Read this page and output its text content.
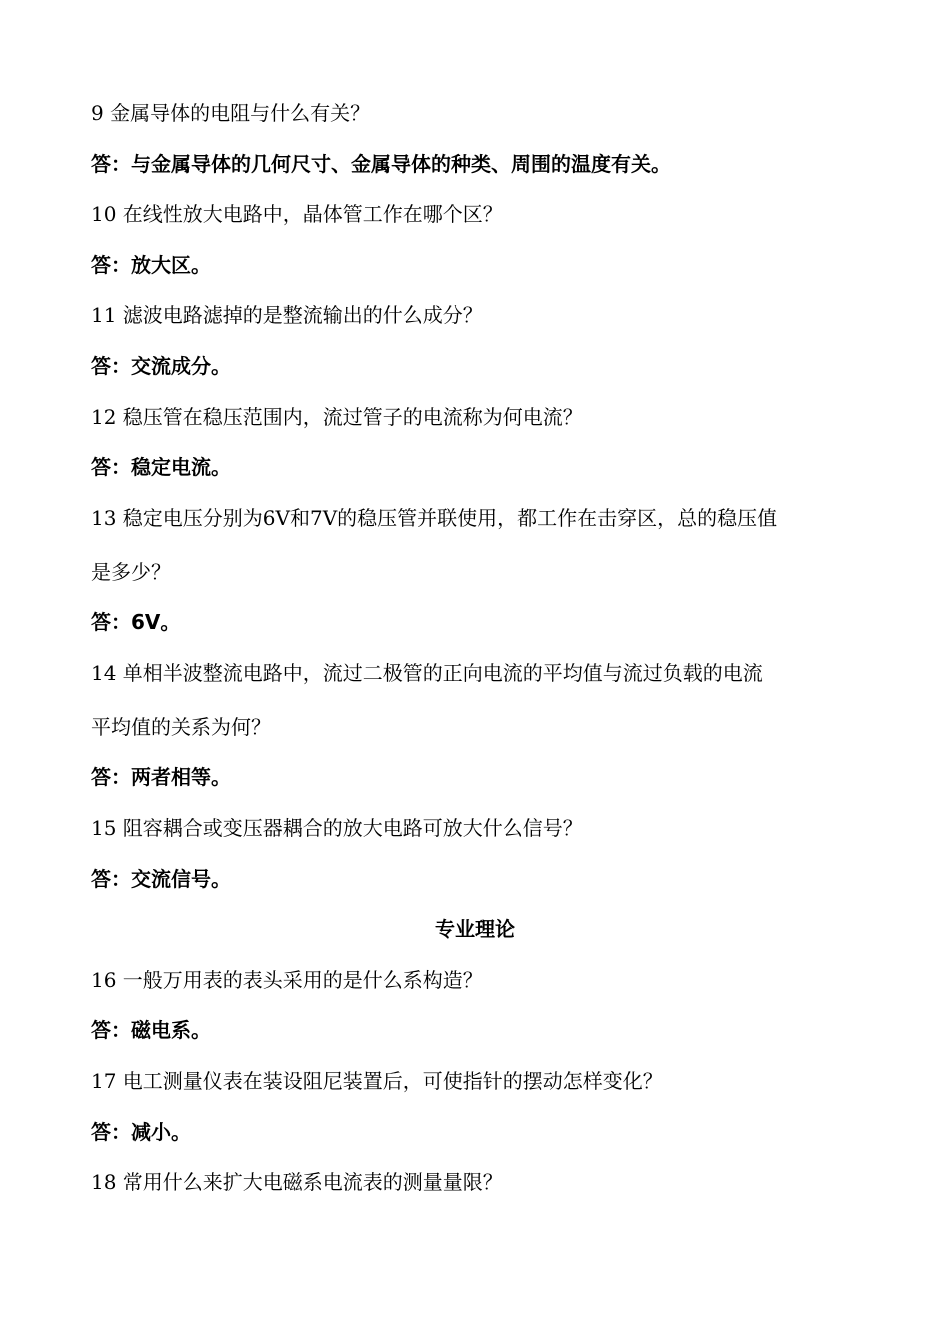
9 金属导体的电阻与什么有关？
答：与金属导体的几何尺寸、金属导体的种类、周围的温度有关。
10 在线性放大电路中，晶体管工作在哪个区？
答：放大区。
11 滤波电路滤掉的是整流输出的什么成分？
答：交流成分。
12 稳压管在稳压范围内，流过管子的电流称为何电流？
答：稳定电流。
13 稳定电压分别为6V和7V的稳压管并联使用，都工作在击穿区，总的稳压值
是多少？
答：6V。
14 单相半波整流电路中，流过二极管的正向电流的平均值与流过负载的电流
平均值的关系为何？
答：两者相等。
15 阻容耦合或变压器耦合的放大电路可放大什么信号？
答：交流信号。
专业理论
16 一般万用表的表头采用的是什么系构造？
答：磁电系。
17 电工测量仪表在装设阻尼装置后，可使指针的摆动怎样变化？
答：减小。
18 常用什么来扩大电磁系电流表的测量量限？
